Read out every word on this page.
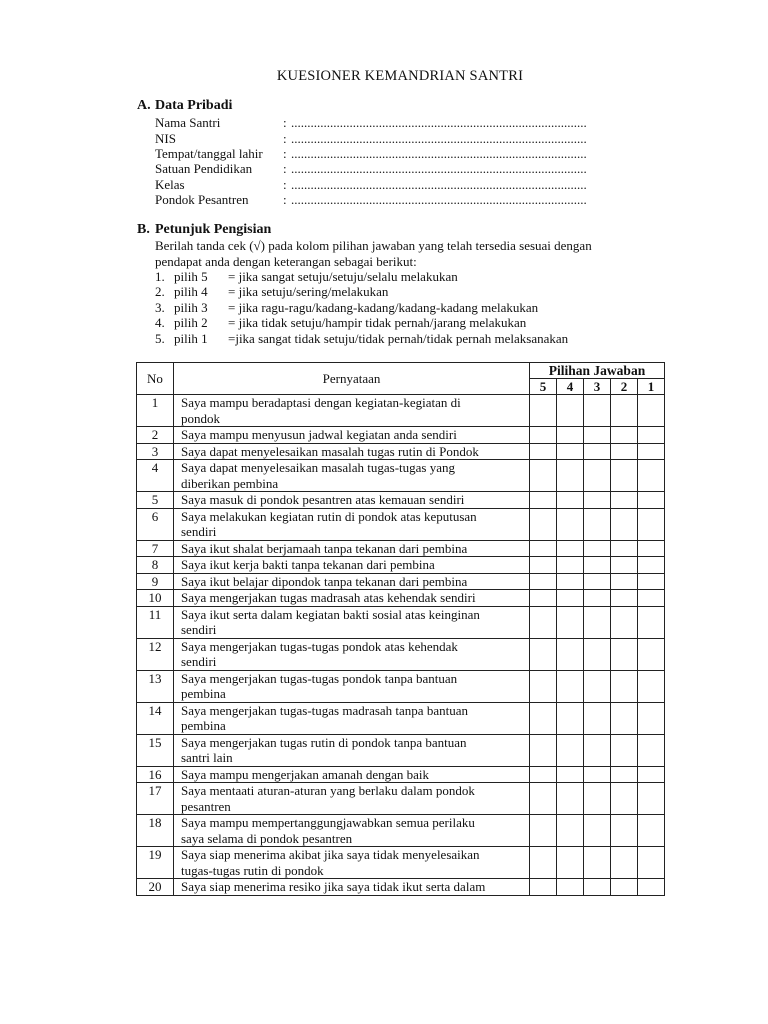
KUESIONER KEMANDRIAN SANTRI
A. Data Pribadi
Nama Santri	: ...........................................................................................
NIS	: ...........................................................................................
Tempat/tanggal lahir : ...........................................................................................
Satuan Pendidikan : ...........................................................................................
Kelas	: ...........................................................................................
Pondok Pesantren	: ...........................................................................................
B. Petunjuk Pengisian
Berilah tanda cek (√) pada kolom pilihan jawaban yang telah tersedia sesuai dengan
pendapat anda dengan keterangan sebagai berikut:
1. pilih 5 = jika sangat setuju/setuju/selalu melakukan
2. pilih 4 = jika setuju/sering/melakukan
3. pilih 3 = jika ragu-ragu/kadang-kadang/kadang-kadang melakukan
4. pilih 2 = jika tidak setuju/hampir tidak pernah/jarang melakukan
5. pilih 1 =jika sangat tidak setuju/tidak pernah/tidak pernah melaksanakan
No	Pernyataan	Pilihan Jawaban				
		5	4	3	2	1
1	Saya mampu beradaptasi dengan kegiatan-kegiatan di
pondok					

2	Saya mampu menyusun jadwal kegiatan anda sendiri					

3	Saya dapat menyelesaikan masalah tugas rutin di Pondok					

4	Saya dapat menyelesaikan masalah tugas-tugas yang
diberikan pembina					

5	Saya masuk di pondok pesantren atas kemauan sendiri					

6	Saya melakukan kegiatan rutin di pondok atas keputusan
sendiri					

7	Saya ikut shalat berjamaah tanpa tekanan dari pembina					

8	Saya ikut kerja bakti tanpa tekanan dari pembina					

9	Saya ikut belajar dipondok tanpa tekanan dari pembina					

10	Saya mengerjakan tugas madrasah atas kehendak sendiri					

11	Saya ikut serta dalam kegiatan bakti sosial atas keinginan
sendiri					

12	Saya mengerjakan tugas-tugas pondok atas kehendak
sendiri					

13	Saya mengerjakan tugas-tugas pondok tanpa bantuan
pembina					

14	Saya mengerjakan tugas-tugas madrasah tanpa bantuan
pembina					

15	Saya mengerjakan tugas rutin di pondok tanpa bantuan
santri lain					

16	Saya mampu mengerjakan amanah dengan baik					

17	Saya mentaati aturan-aturan yang berlaku dalam pondok
pesantren					

18	Saya mampu mempertanggungjawabkan semua perilaku
saya selama di pondok pesantren					

19	Saya siap menerima akibat jika saya tidak menyelesaikan
tugas-tugas rutin di pondok					

20	Saya siap menerima resiko jika saya tidak ikut serta dalam					
